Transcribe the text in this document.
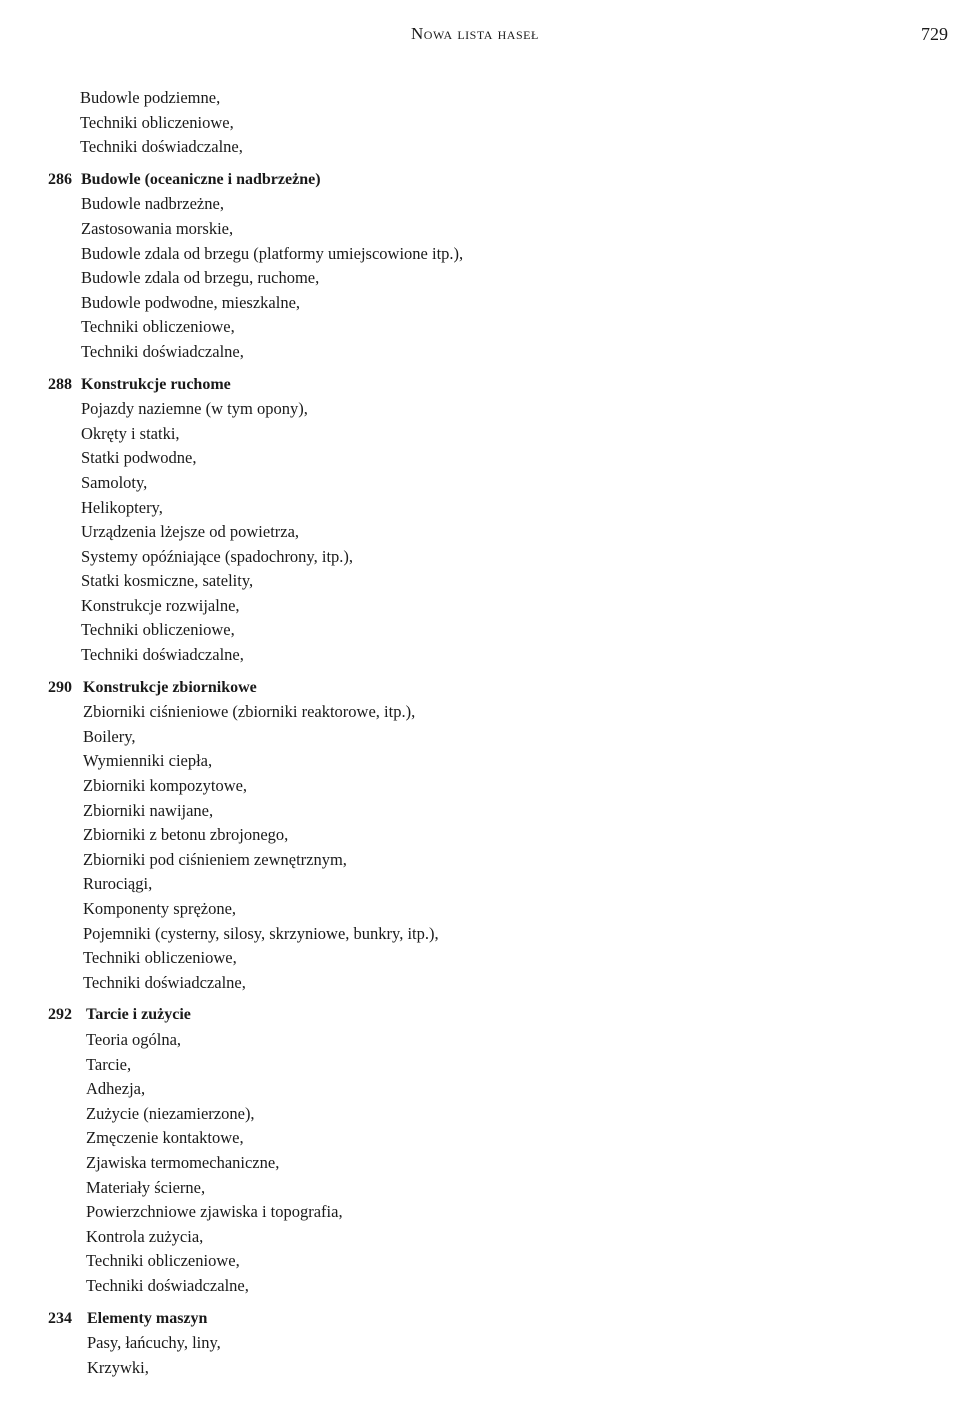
Nowa lista haseł	729
Budowle podziemne,
Techniki obliczeniowe,
Techniki doświadczalne,
286 Budowle (oceaniczne i nadbrzeżne)
Budowle nadbrzeżne,
Zastosowania morskie,
Budowle zdala od brzegu (platformy umiejscowione itp.),
Budowle zdala od brzegu, ruchome,
Budowle podwodne, mieszkalne,
Techniki obliczeniowe,
Techniki doświadczalne,
288 Konstrukcje ruchome
Pojazdy naziemne (w tym opony),
Okręty i statki,
Statki podwodne,
Samoloty,
Helikoptery,
Urządzenia lżejsze od powietrza,
Systemy opóźniające (spadochrony, itp.),
Statki kosmiczne, satelity,
Konstrukcje rozwijalne,
Techniki obliczeniowe,
Techniki doświadczalne,
290 Konstrukcje zbiornikowe
Zbiorniki ciśnieniowe (zbiorniki reaktorowe, itp.),
Boilery,
Wymienniki ciepła,
Zbiorniki kompozytowe,
Zbiorniki nawijane,
Zbiorniki z betonu zbrojonego,
Zbiorniki pod ciśnieniem zewnętrznym,
Rurociągi,
Komponenty sprężone,
Pojemniki (cysterny, silosy, skrzyniowe, bunkry, itp.),
Techniki obliczeniowe,
Techniki doświadczalne,
292 Tarcie i zużycie
Teoria ogólna,
Tarcie,
Adhezja,
Zużycie (niezamierzone),
Zmęczenie kontaktowe,
Zjawiska termomechaniczne,
Materiały ścierne,
Powierzchniowe zjawiska i topografia,
Kontrola zużycia,
Techniki obliczeniowe,
Techniki doświadczalne,
234 Elementy maszyn
Pasy, łańcuchy, liny,
Krzywki,
